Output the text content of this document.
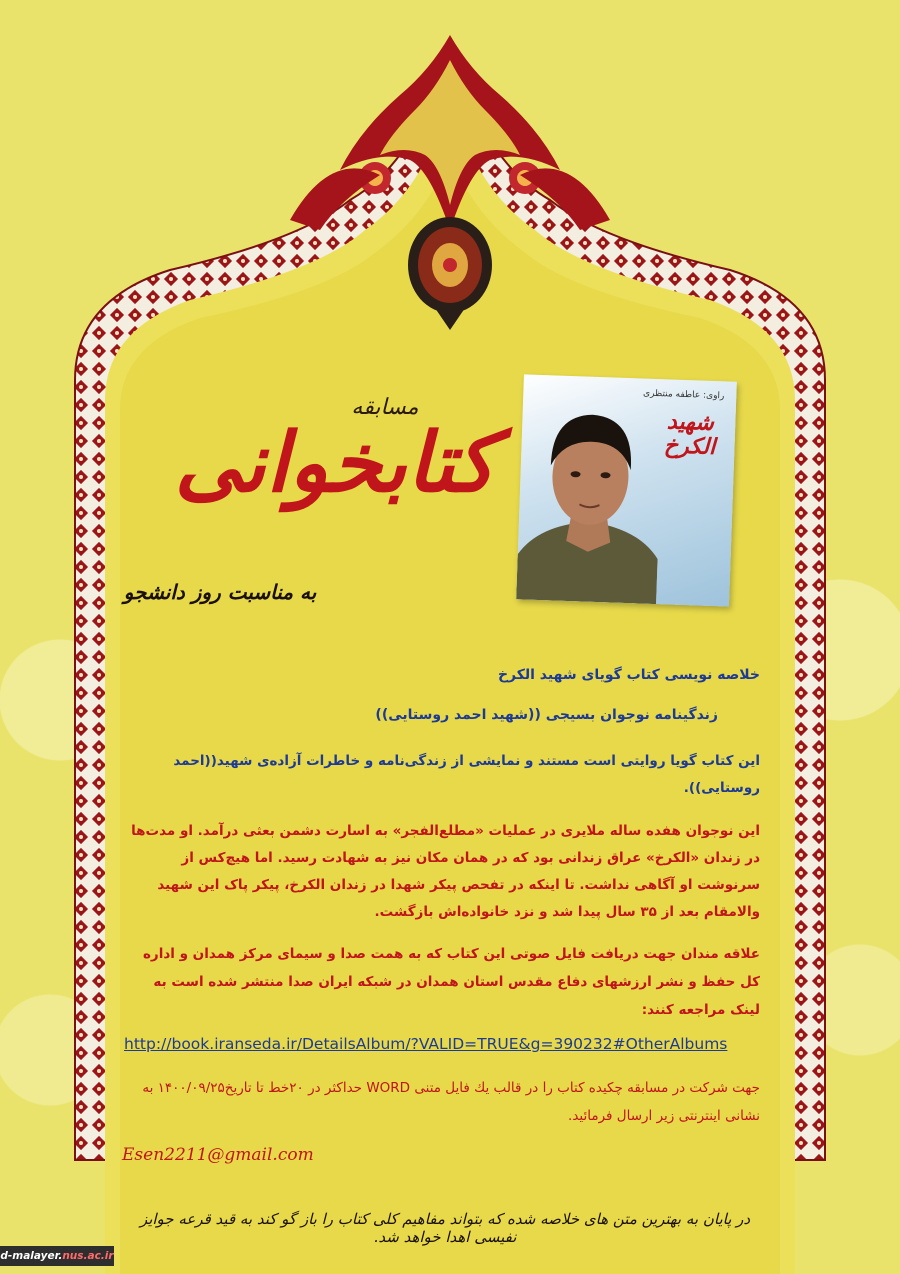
مسابقه
کتابخوانی
به مناسبت روز دانشجو
راوی: عاطفه منتظری
شهید الکرخ
خلاصه نویسی کتاب گویای شهید الکرخ
زندگینامه نوجوان بسیجی ((شهید احمد روستایی))
این کتاب گویا روایتی است مستند و نمایشی از زندگی‌نامه و خاطرات آزاده‌ی شهید((احمد روستایی)).
این نوجوان هفده ساله ملایری در عملیات «مطلع‌الفجر» به اسارت دشمن بعثی درآمد. او مدت‌ها در زندان «الکرخ» عراق زندانی بود که در همان مکان نیز به شهادت رسید. اما هیچ‌کس از سرنوشت او آگاهی نداشت. تا اینکه در تفحص پیکر شهدا در زندان الکرخ، پیکر پاک این شهید والامقام بعد از ۳۵ سال پیدا شد و نزد خانواده‌اش بازگشت.
علاقه مندان جهت دریافت فایل صوتی این کتاب که به همت صدا و سیمای مرکز همدان و اداره کل حفظ و نشر ارزشهای دفاع مقدس استان همدان در شبکه ایران صدا منتشر شده است به لینک مراجعه کنند:
http://book.iranseda.ir/DetailsAlbum/?VALID=TRUE&g=390232#OtherAlbums
جهت شرکت در مسابقه چکیده کتاب را در قالب یك فایل متنی WORD حداکثر در ۲۰خط تا تاریخ۱۴۰۰/۰۹/۲۵ به نشانی اینترنتی زیر ارسال فرمائید.
Esen2211@gmail.com
در پایان به بهترین متن های خلاصه شده که بتواند مفاهیم کلی کتاب را باز گو کند به قید قرعه جوایز نفیسی اهدا خواهد شد.
d-malayer.nus.ac.ir
